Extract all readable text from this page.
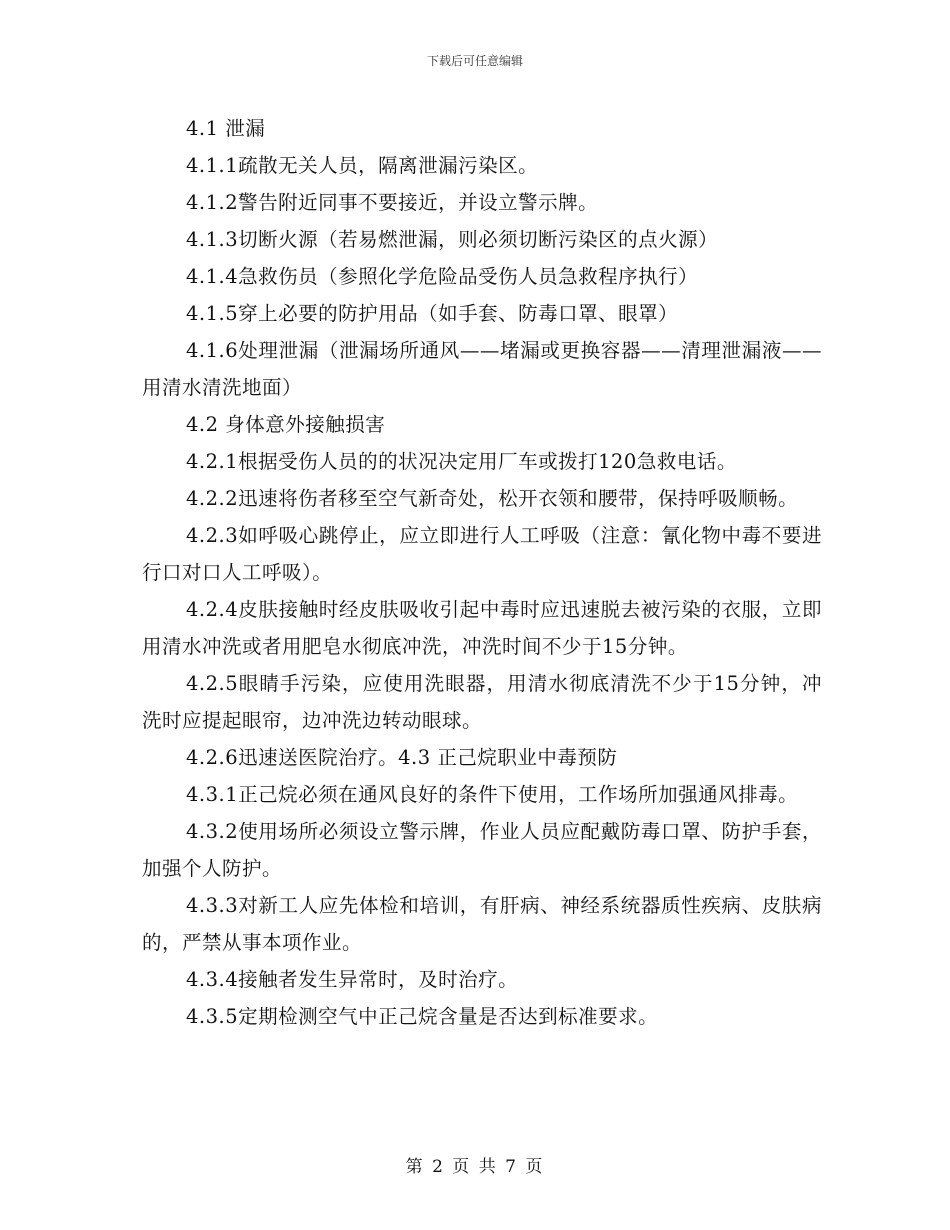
下载后可任意编辑

4.1 泄漏

4.1.1疏散无关人员，隔离泄漏污染区。

4.1.2警告附近同事不要接近，并设立警示牌。

4.1.3切断火源（若易燃泄漏，则必须切断污染区的点火源）

4.1.4急救伤员（参照化学危险品受伤人员急救程序执行）

4.1.5穿上必要的防护用品（如手套、防毒口罩、眼罩）

4.1.6处理泄漏（泄漏场所通风——堵漏或更换容器——清理泄漏液——用清水清洗地面）

4.2 身体意外接触损害

4.2.1根据受伤人员的的状况决定用厂车或拨打120急救电话。

4.2.2迅速将伤者移至空气新奇处，松开衣领和腰带，保持呼吸顺畅。

4.2.3如呼吸心跳停止，应立即进行人工呼吸（注意：氰化物中毒不要进行口对口人工呼吸）。

4.2.4皮肤接触时经皮肤吸收引起中毒时应迅速脱去被污染的衣服，立即用清水冲洗或者用肥皂水彻底冲洗，冲洗时间不少于15分钟。

4.2.5眼睛手污染，应使用洗眼器，用清水彻底清洗不少于15分钟，冲洗时应提起眼帘，边冲洗边转动眼球。

4.2.6迅速送医院治疗。4.3 正己烷职业中毒预防

4.3.1正己烷必须在通风良好的条件下使用，工作场所加强通风排毒。

4.3.2使用场所必须设立警示牌，作业人员应配戴防毒口罩、防护手套，加强个人防护。

4.3.3对新工人应先体检和培训，有肝病、神经系统器质性疾病、皮肤病的，严禁从事本项作业。

4.3.4接触者发生异常时，及时治疗。

4.3.5定期检测空气中正己烷含量是否达到标准要求。

第 2 页 共 7 页
